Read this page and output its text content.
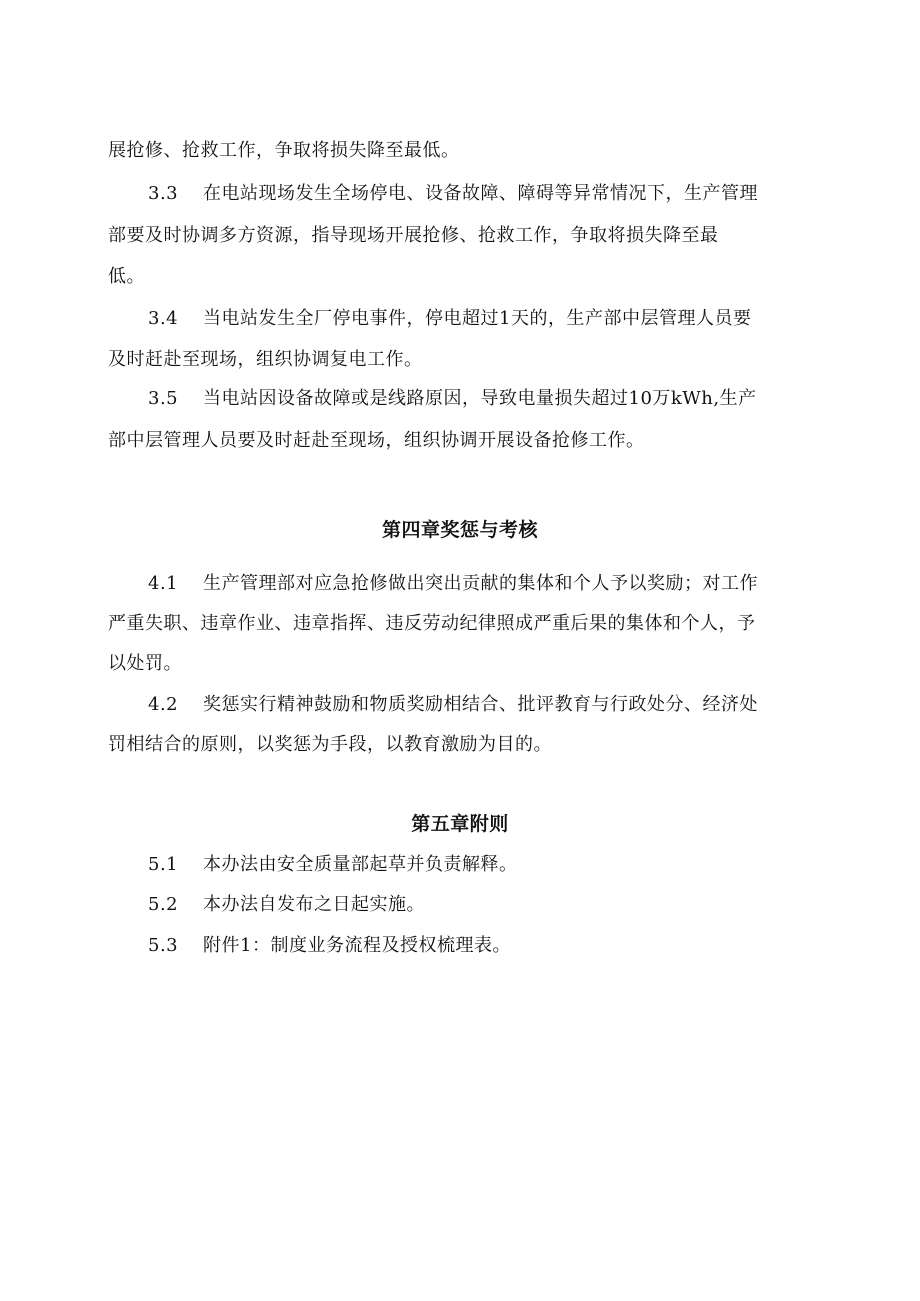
展抢修、抢救工作，争取将损失降至最低。
3.3 在电站现场发生全场停电、设备故障、障碍等异常情况下，生产管理
部要及时协调多方资源，指导现场开展抢修、抢救工作，争取将损失降至最
低。
3.4 当电站发生全厂停电事件，停电超过1天的，生产部中层管理人员要
及时赶赴至现场，组织协调复电工作。
3.5 当电站因设备故障或是线路原因，导致电量损失超过10万kWh,生产
部中层管理人员要及时赶赴至现场，组织协调开展设备抢修工作。
第四章奖惩与考核
4.1 生产管理部对应急抢修做出突出贡献的集体和个人予以奖励；对工作
严重失职、违章作业、违章指挥、违反劳动纪律照成严重后果的集体和个人，予
以处罚。
4.2 奖惩实行精神鼓励和物质奖励相结合、批评教育与行政处分、经济处
罚相结合的原则，以奖惩为手段，以教育激励为目的。
第五章附则
5.1 本办法由安全质量部起草并负责解释。
5.2 本办法自发布之日起实施。
5.3 附件1：制度业务流程及授权梳理表。
